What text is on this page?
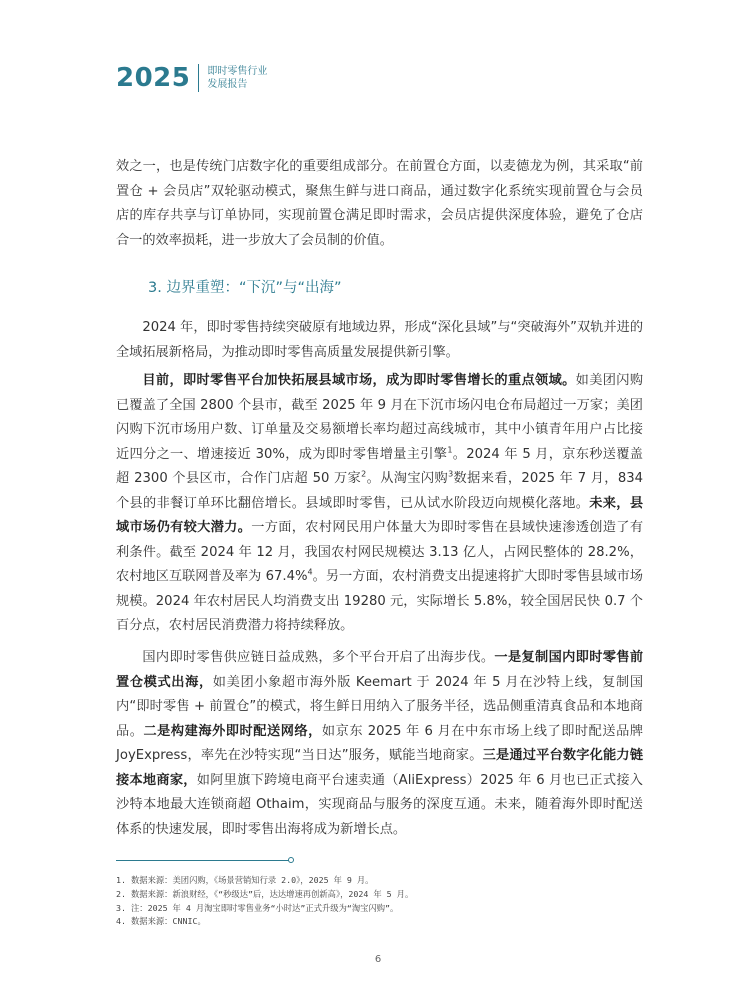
2025 即时零售行业
发展报告

效之一，也是传统门店数字化的重要组成部分。在前置仓方面，以麦德龙为例，其采取“前置仓 + 会员店”双轮驱动模式，聚焦生鲜与进口商品，通过数字化系统实现前置仓与会员店的库存共享与订单协同，实现前置仓满足即时需求，会员店提供深度体验，避免了仓店合一的效率损耗，进一步放大了会员制的价值。

3. 边界重塑：“下沉”与“出海”

2024 年，即时零售持续突破原有地域边界，形成“深化县域”与“突破海外”双轨并进的全域拓展新格局，为推动即时零售高质量发展提供新引擎。

目前，即时零售平台加快拓展县域市场，成为即时零售增长的重点领域。如美团闪购已覆盖了全国 2800 个县市，截至 2025 年 9 月在下沉市场闪电仓布局超过一万家；美团闪购下沉市场用户数、订单量及交易额增长率均超过高线城市，其中小镇青年用户占比接近四分之一、增速接近 30%，成为即时零售增量主引擎$^1$。2024 年 5 月，京东秒送覆盖超 2300 个县区市，合作门店超 50 万家$^2$。从淘宝闪购$^3$数据来看，2025 年 7 月，834 个县的非餐订单环比翻倍增长。县域即时零售，已从试水阶段迈向规模化落地。未来，县域市场仍有较大潜力。一方面，农村网民用户体量大为即时零售在县域快速渗透创造了有利条件。截至 2024 年 12 月，我国农村网民规模达 3.13 亿人，占网民整体的 28.2%，农村地区互联网普及率为 67.4%$^4$。另一方面，农村消费支出提速将扩大即时零售县域市场规模。2024 年农村居民人均消费支出 19280 元，实际增长 5.8%，较全国居民快 0.7 个百分点，农村居民消费潜力将持续释放。

国内即时零售供应链日益成熟，多个平台开启了出海步伐。一是复制国内即时零售前置仓模式出海，如美团小象超市海外版 Keemart 于 2024 年 5 月在沙特上线，复制国内“即时零售 + 前置仓”的模式，将生鲜日用纳入了服务半径，选品侧重清真食品和本地商品。二是构建海外即时配送网络，如京东 2025 年 6 月在中东市场上线了即时配送品牌 JoyExpress，率先在沙特实现“当日达”服务，赋能当地商家。三是通过平台数字化能力链接本地商家，如阿里旗下跨境电商平台速卖通（AliExpress）2025 年 6 月也已正式接入沙特本地最大连锁商超 Othaim，实现商品与服务的深度互通。未来，随着海外即时配送体系的快速发展，即时零售出海将成为新增长点。

1. 数据来源：美团闪购，《场景营销知行录 2.0》，2025 年 9 月。
2. 数据来源：新浪财经，《“秒级达”后，达达增速再创新高》，2024 年 5 月。
3. 注：2025 年 4 月淘宝即时零售业务“小时达”正式升级为“淘宝闪购”。
4. 数据来源：CNNIC。
6
